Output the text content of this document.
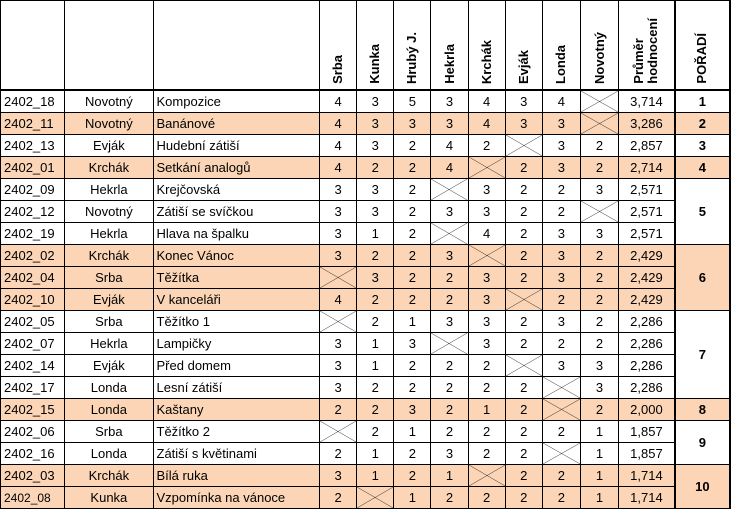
			Srba	Kunka	Hrubý J.	Hekrla	Krchák	Evják	Londa	Novotný	Průměr
hodnocení	POŘADÍ
2402_18	Novotný	Kompozice	4	3	5	3	4	3	4		3,714	1
2402_11	Novotný	Banánové	4	3	3	3	4	3	3		3,286	2
2402_13	Evják	Hudební zátiší	4	3	2	4	2		3	2	2,857	3
2402_01	Krchák	Setkání analogů	4	2	2	4		2	3	2	2,714	4
2402_09	Hekrla	Krejčovská	3	3	2		3	2	2	3	2,571	5
2402_12	Novotný	Zátiší se svíčkou	3	3	2	3	3	2	2		2,571	
2402_19	Hekrla	Hlava na špalku	3	1	2		4	2	3	3	2,571	
2402_02	Krchák	Konec Vánoc	3	2	2	3		2	3	2	2,429	6
2402_04	Srba	Těžítka		3	2	2	3	2	3	2	2,429	
2402_10	Evják	V kanceláři	4	2	2	2	3		2	2	2,429	
2402_05	Srba	Těžítko 1		2	1	3	3	2	3	2	2,286	7
2402_07	Hekrla	Lampičky	3	1	3		3	2	2	2	2,286	
2402_14	Evják	Před domem	3	1	2	2	2		3	3	2,286	
2402_17	Londa	Lesní zátiší	3	2	2	2	2	2		3	2,286	
2402_15	Londa	Kaštany	2	2	3	2	1	2		2	2,000	8
2402_06	Srba	Těžítko 2		2	1	2	2	2	2	1	1,857	9
2402_16	Londa	Zátiší s květinami	2	1	2	3	2	2		1	1,857	
2402_03	Krchák	Bílá ruka	3	1	2	1		2	2	1	1,714	10
2402_08	Kunka	Vzpomínka na vánoce	2		1	2	2	2	2	1	1,714	
